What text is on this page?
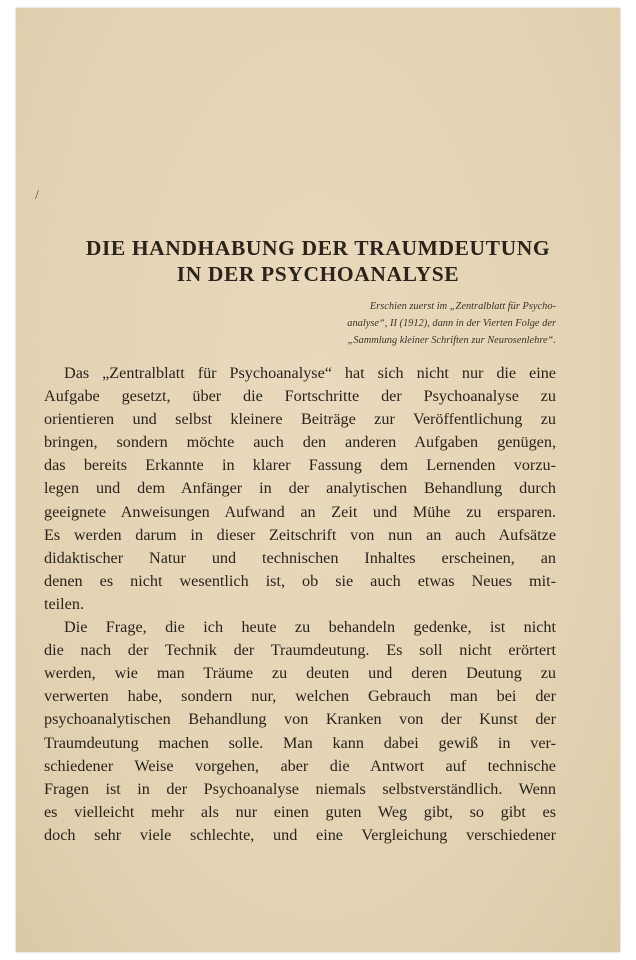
/
DIE HANDHABUNG DER TRAUMDEUTUNG
IN DER PSYCHOANALYSE
Erschien zuerst im „Zentralblatt für Psycho-
analyse“, II (1912), dann in der Vierten Folge der
„Sammlung kleiner Schriften zur Neurosenlehre“.
Das „Zentralblatt für Psychoanalyse“ hat sich nicht nur die eine
Aufgabe gesetzt, über die Fortschritte der Psychoanalyse zu
orientieren und selbst kleinere Beiträge zur Veröffentlichung zu
bringen, sondern möchte auch den anderen Aufgaben genügen,
das bereits Erkannte in klarer Fassung dem Lernenden vorzu-
legen und dem Anfänger in der analytischen Behandlung durch
geeignete Anweisungen Aufwand an Zeit und Mühe zu ersparen.
Es werden darum in dieser Zeitschrift von nun an auch Aufsätze
didaktischer Natur und technischen Inhaltes erscheinen, an
denen es nicht wesentlich ist, ob sie auch etwas Neues mit-
teilen.
Die Frage, die ich heute zu behandeln gedenke, ist nicht
die nach der Technik der Traumdeutung. Es soll nicht erörtert
werden, wie man Träume zu deuten und deren Deutung zu
verwerten habe, sondern nur, welchen Gebrauch man bei der
psychoanalytischen Behandlung von Kranken von der Kunst der
Traumdeutung machen solle. Man kann dabei gewiß in ver-
schiedener Weise vorgehen, aber die Antwort auf technische
Fragen ist in der Psychoanalyse niemals selbstverständlich. Wenn
es vielleicht mehr als nur einen guten Weg gibt, so gibt es
doch sehr viele schlechte, und eine Vergleichung verschiedener
